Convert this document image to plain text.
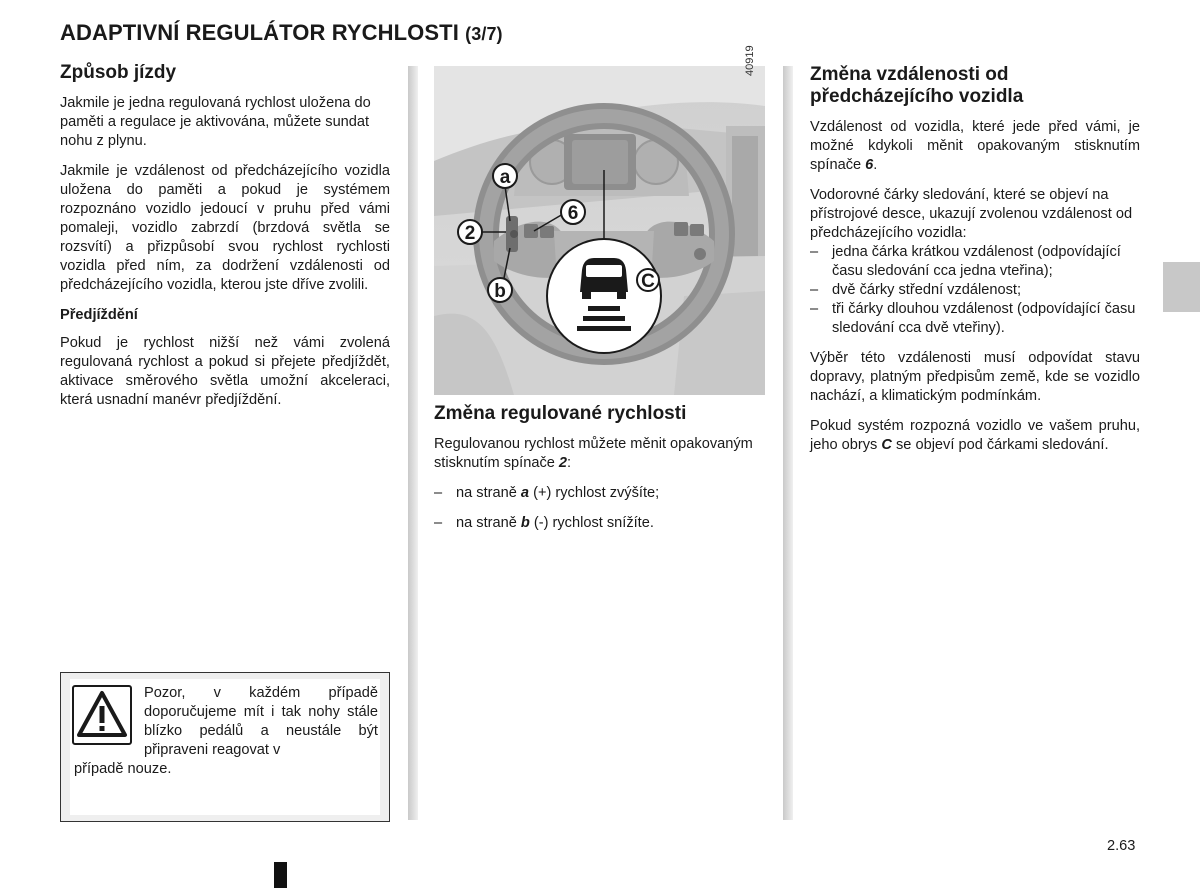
ADAPTIVNÍ REGULÁTOR RYCHLOSTI (3/7)
Způsob jízdy

Jakmile je jedna regulovaná rychlost uložena do paměti a regulace je aktivována, můžete sundat nohu z plynu.

Jakmile je vzdálenost od předcházejícího vozidla uložena do paměti a pokud je systémem rozpoznáno vozidlo jedoucí v pruhu před vámi pomaleji, vozidlo zabrzdí (brzdová světla se rozsvítí) a přizpůsobí svou rychlost rychlosti vozidla před ním, za dodržení vzdálenosti od předcházejícího vozidla, kterou jste dříve zvolili.

Předjíždění

Pokud je rychlost nižší než vámi zvolená regulovaná rychlost a pokud si přejete předjíždět, aktivace směrového světla umožní akceleraci, která usnadní manévr předjíždění.

Pozor, v každém případě doporučujeme mít i tak nohy stále blízko pedálů a neustále být připraveni reagovat v
případě nouze.
a
2
6
b	C
40919
Změna regulované rychlosti

Regulovanou rychlost můžete měnit opakovaným stisknutím spínače 2:

– na straně a (+) rychlost zvýšíte;
– na straně b (-) rychlost snížíte.
Změna vzdálenosti od předcházejícího vozidla

Vzdálenost od vozidla, které jede před vámi, je možné kdykoli měnit opakovaným stisknutím spínače 6.

Vodorovné čárky sledování, které se objeví na přístrojové desce, ukazují zvolenou vzdálenost od předcházejícího vozidla:

– jedna čárka krátkou vzdálenost (odpovídající času sledování cca jedna vteřina);
– dvě čárky střední vzdálenost;
– tři čárky dlouhou vzdálenost (odpovídající času sledování cca dvě vteřiny).

Výběr této vzdálenosti musí odpovídat stavu dopravy, platným předpisům země, kde se vozidlo nachází, a klimatickým podmínkám.

Pokud systém rozpozná vozidlo ve vašem pruhu, jeho obrys C se objeví pod čárkami sledování.

2.63
